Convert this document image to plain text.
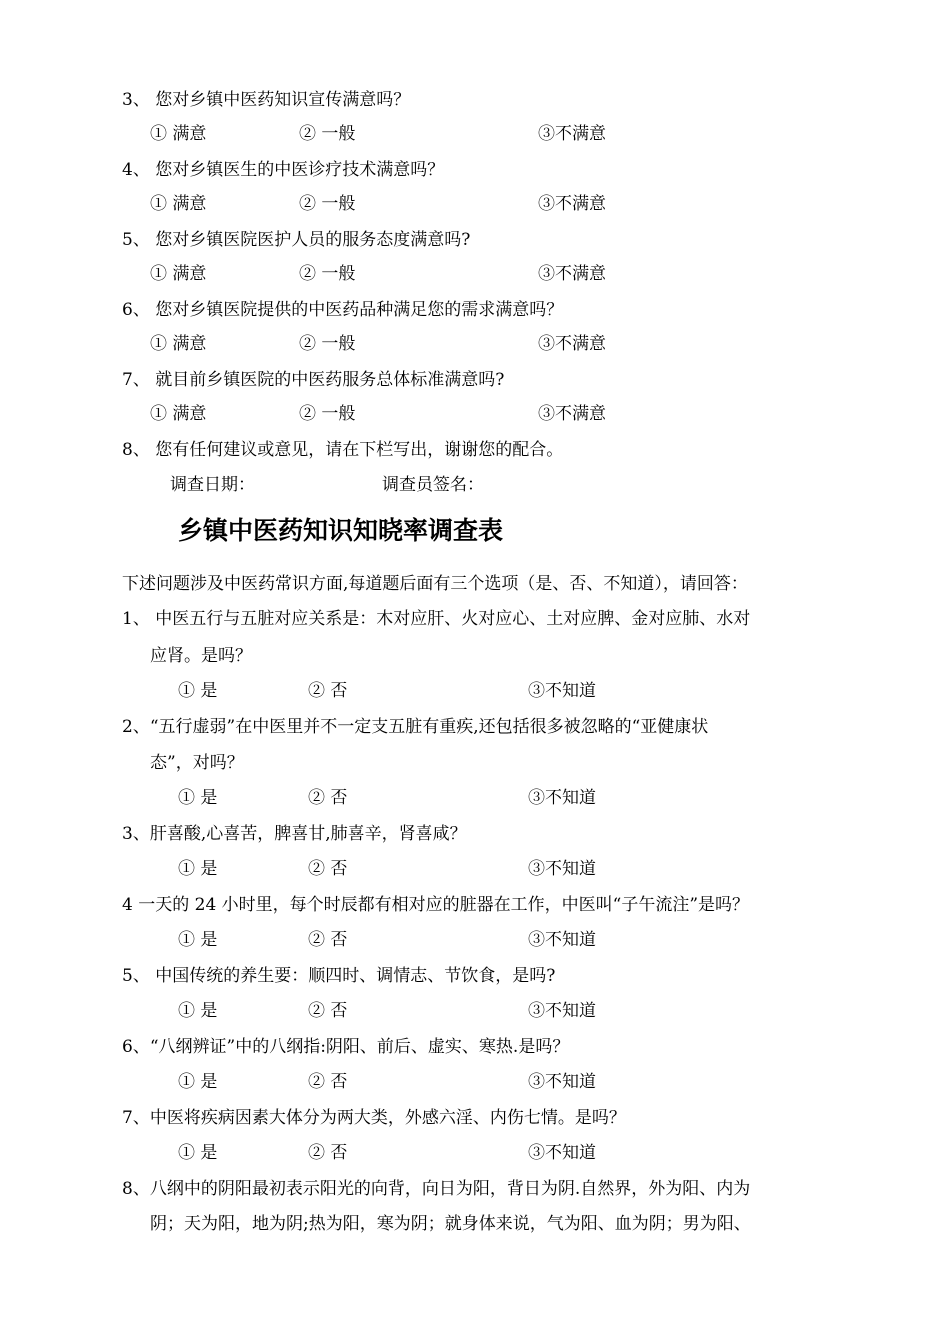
3、 您对乡镇中医药知识宣传满意吗？
① 满意	② 一般	③不满意
4、 您对乡镇医生的中医诊疗技术满意吗？
① 满意	② 一般	③不满意
5、 您对乡镇医院医护人员的服务态度满意吗?
① 满意	② 一般	③不满意
6、 您对乡镇医院提供的中医药品种满足您的需求满意吗？
① 满意	② 一般	③不满意
7、 就目前乡镇医院的中医药服务总体标准满意吗?
① 满意	② 一般	③不满意
8、 您有任何建议或意见，请在下栏写出，谢谢您的配合。
调查日期：	调查员签名：
乡镇中医药知识知晓率调查表
下述问题涉及中医药常识方面,每道题后面有三个选项（是、否、不知道），请回答：
1、 中医五行与五脏对应关系是：木对应肝、火对应心、土对应脾、金对应肺、水对
应肾。是吗？
① 是	② 否	③不知道
2、“五行虚弱”在中医里并不一定支五脏有重疾,还包括很多被忽略的“亚健康状
态”，对吗？
① 是	② 否	③不知道
3、肝喜酸,心喜苦，脾喜甘,肺喜辛，肾喜咸？
① 是	② 否	③不知道
4 一天的 24 小时里，每个时辰都有相对应的脏器在工作，中医叫“子午流注”是吗？
① 是	② 否	③不知道
5、 中国传统的养生要：顺四时、调情志、节饮食，是吗?
① 是	② 否	③不知道
6、“八纲辨证”中的八纲指:阴阳、前后、虚实、寒热.是吗？
① 是	② 否	③不知道
7、中医将疾病因素大体分为两大类，外感六淫、内伤七情。是吗？
① 是	② 否	③不知道
8、八纲中的阴阳最初表示阳光的向背，向日为阳，背日为阴.自然界，外为阳、内为
阴；天为阳，地为阴;热为阳，寒为阴；就身体来说，气为阳、血为阴；男为阳、
